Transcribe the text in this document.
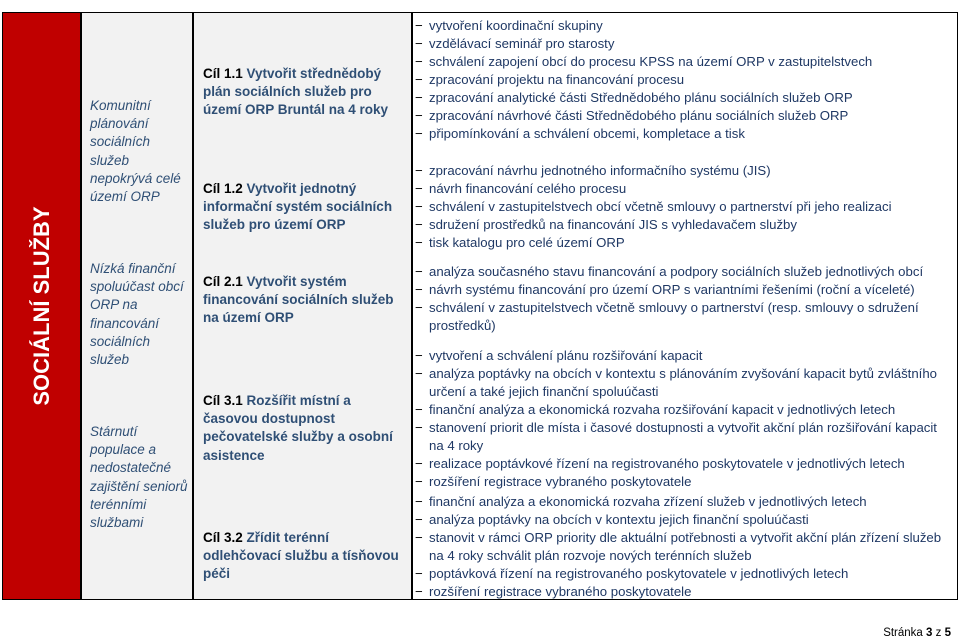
SOCIÁLNÍ SLUŽBY
Komunitní plánování sociálních služeb nepokrývá celé území ORP
Nízká finanční spoluúčast obcí ORP na financování sociálních služeb
Stárnutí populace a nedostatečné zajištění seniorů terénními službami
Cíl 1.1 Vytvořit střednědobý plán sociálních služeb pro území ORP Bruntál na 4 roky
Cíl 1.2 Vytvořit jednotný informační systém sociálních služeb pro území ORP
Cíl 2.1 Vytvořit systém financování sociálních služeb na území ORP
Cíl 3.1 Rozšířit místní a časovou dostupnost pečovatelské služby a osobní asistence
Cíl 3.2 Zřídit terénní odlehčovací službu a tísňovou péči
− vytvoření koordinační skupiny
− vzdělávací seminář pro starosty
− schválení zapojení obcí do procesu KPSS na území ORP v zastupitelstvech
− zpracování projektu na financování procesu
− zpracování analytické části Střednědobého plánu sociálních služeb ORP
− zpracování návrhové části Střednědobého plánu sociálních služeb ORP
− připomínkování a schválení obcemi, kompletace a tisk
− zpracování návrhu jednotného informačního systému (JIS)
− návrh financování celého procesu
− schválení v zastupitelstvech obcí včetně smlouvy o partnerství při jeho realizaci
− sdružení prostředků na financování JIS s vyhledavačem služby
− tisk katalogu pro celé území ORP
− analýza současného stavu financování a podpory sociálních služeb jednotlivých obcí
− návrh systému financování pro území ORP s variantními řešeními (roční a víceleté)
− schválení v zastupitelstvech včetně smlouvy o partnerství (resp. smlouvy o sdružení prostředků)
− vytvoření a schválení plánu rozšiřování kapacit
− analýza poptávky na obcích v kontextu s plánováním zvyšování kapacit bytů zvláštního určení a také jejich finanční spoluúčasti
− finanční analýza a ekonomická rozvaha rozšiřování kapacit v jednotlivých letech
− stanovení priorit dle místa i časové dostupnosti a vytvořit akční plán rozšiřování kapacit na 4 roky
− realizace poptávkové řízení na registrovaného poskytovatele v jednotlivých letech
− rozšíření registrace vybraného poskytovatele
− finanční analýza a ekonomická rozvaha zřízení služeb v jednotlivých letech
− analýza poptávky na obcích v kontextu jejich finanční spoluúčasti
− stanovit v rámci ORP priority dle aktuální potřebnosti a vytvořit akční plán zřízení služeb na 4 roky schválit plán rozvoje nových terénních služeb
− poptávková řízení na registrovaného poskytovatele v jednotlivých letech
− rozšíření registrace vybraného poskytovatele
Stránka 3 z 5
